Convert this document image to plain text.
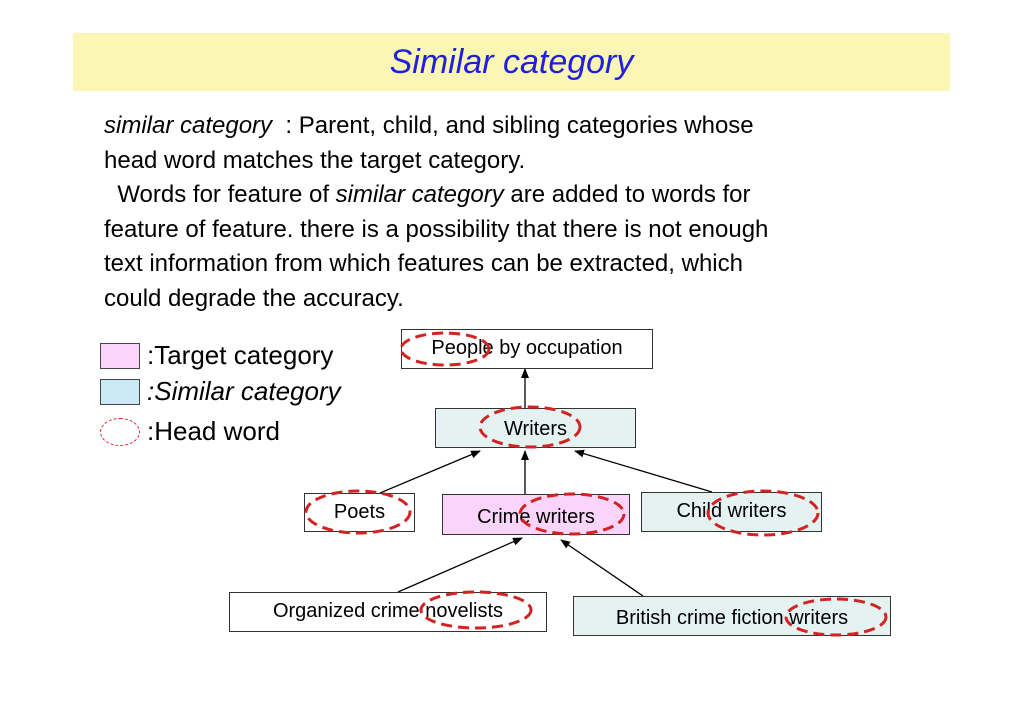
Similar category

similar category  : Parent, child, and sibling categories whose

head word matches the target category.

Words for feature of similar category are added to words for

feature of feature. there is a possibility that there is not enough

text information from which features can be extracted, which

could degrade the accuracy.

:Target category
:Similar category
:Head word
People by occupation
Writers
Poets	Crime writers	Child writers
Organized crime novelists	British crime fiction writers
